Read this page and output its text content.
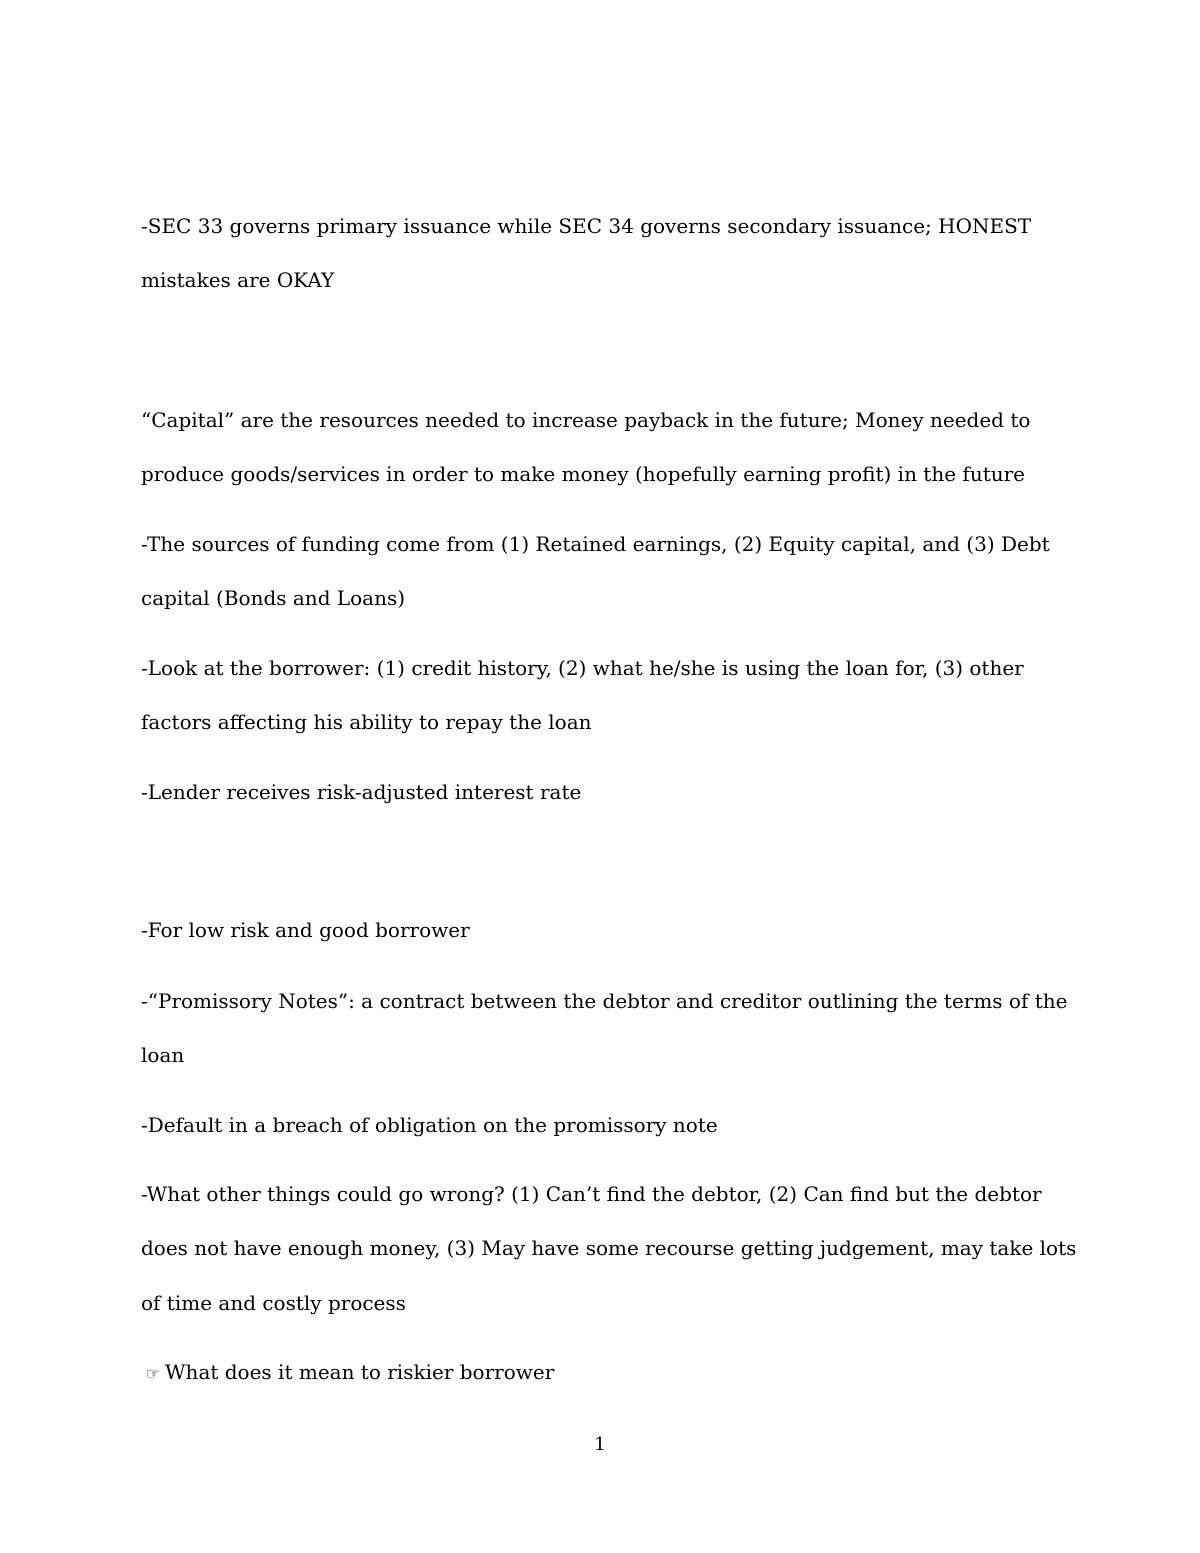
-SEC 33 governs primary issuance while SEC 34 governs secondary issuance; HONEST
mistakes are OKAY
“Capital” are the resources needed to increase payback in the future; Money needed to
produce goods/services in order to make money (hopefully earning profit) in the future
-The sources of funding come from (1) Retained earnings, (2) Equity capital, and (3) Debt
capital (Bonds and Loans)
-Look at the borrower: (1) credit history, (2) what he/she is using the loan for, (3) other
factors affecting his ability to repay the loan
-Lender receives risk-adjusted interest rate
-For low risk and good borrower
-“Promissory Notes”: a contract between the debtor and creditor outlining the terms of the
loan
-Default in a breach of obligation on the promissory note
-What other things could go wrong? (1) Can’t find the debtor, (2) Can find but the debtor
does not have enough money, (3) May have some recourse getting judgement, may take lots
of time and costly process
☞ What does it mean to riskier borrower
1
